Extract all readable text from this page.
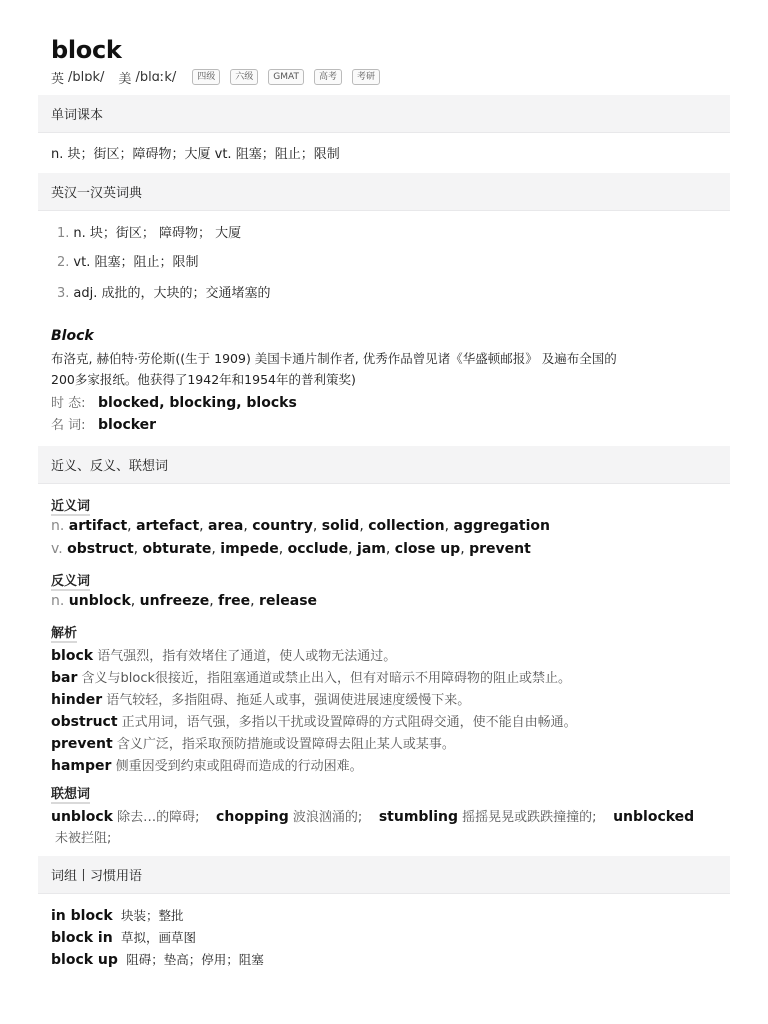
block
英 /blɒk/ 美 /blɑːk/	四级	六级	GMAT	高考	考研
单词课本
n. 块；街区；障碍物；大厦 vt. 阻塞；阻止；限制
英汉一汉英词典
1. n. 块；街区； 障碍物； 大厦
2. vt. 阻塞；阻止；限制
3. adj. 成批的，大块的；交通堵塞的
Block
布洛克, 赫伯特·劳伦斯((生于 1909) 美国卡通片制作者, 优秀作品曾见诸《华盛顿邮报》 及遍布全国的
200多家报纸。他获得了1942年和1954年的普利策奖)
时 态: blocked, blocking, blocks
名 词: blocker
近义、反义、联想词
近义词
n. artifact, artefact, area, country, solid, collection, aggregation
v. obstruct, obturate, impede, occlude, jam, close up, prevent
反义词
n. unblock, unfreeze, free, release
解析
block 语气强烈，指有效堵住了通道，使人或物无法通过。
bar 含义与block很接近，指阻塞通道或禁止出入，但有对暗示不用障碍物的阻止或禁止。
hinder 语气较轻，多指阻碍、拖延人或事，强调使进展速度缓慢下来。
obstruct 正式用词，语气强，多指以干扰或设置障碍的方式阻碍交通，使不能自由畅通。
prevent 含义广泛，指采取预防措施或设置障碍去阻止某人或某事。
hamper 侧重因受到约束或阻碍而造成的行动困难。
联想词
unblock 除去…的障碍; chopping 波浪汹涌的; stumbling 摇摇晃晃或跌跌撞撞的; unblocked
未被拦阻;
词组丨习惯用语
in block 块装；整批
block in 草拟，画草图
block up 阻碍；垫高；停用；阻塞
